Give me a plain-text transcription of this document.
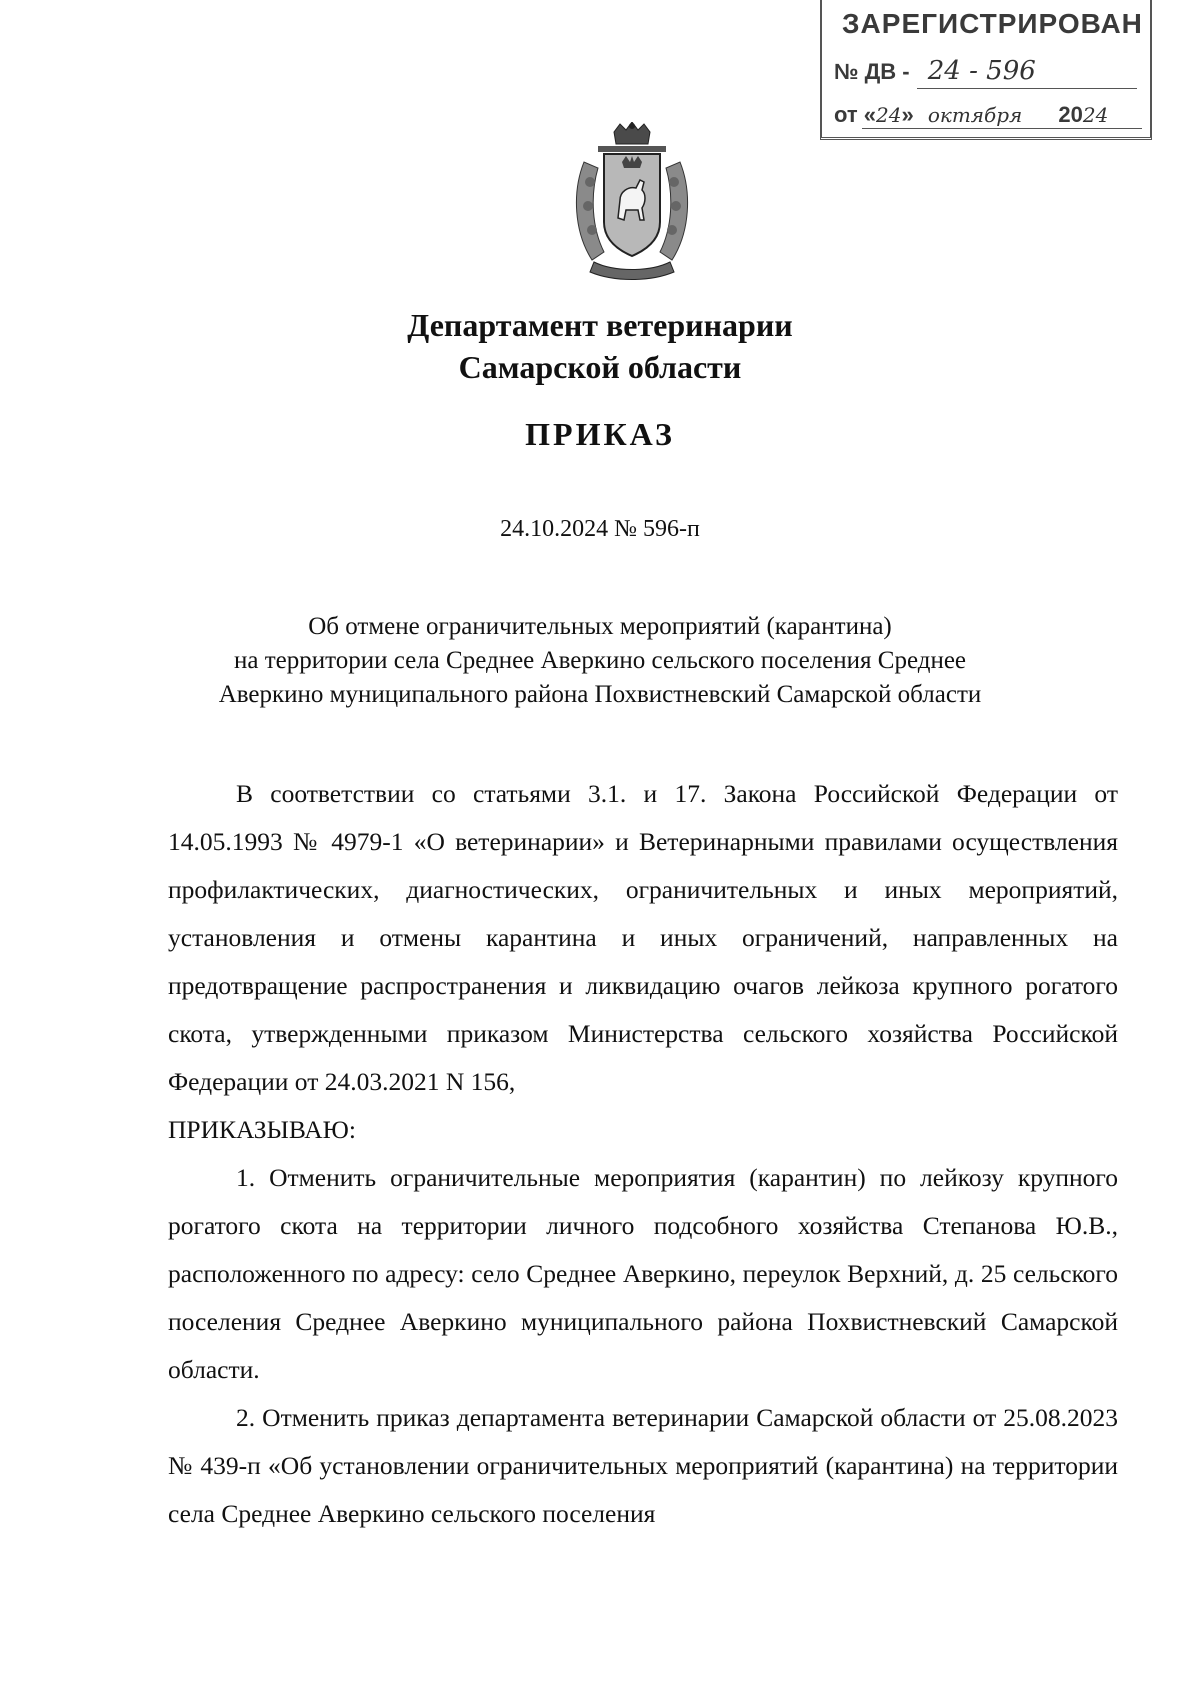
ЗАРЕГИСТРИРОВАН
№ ДВ - 24 - 596
от «24» октября 2024
Департамент ветеринарии
Самарской области
ПРИКАЗ
24.10.2024 № 596-п
Об отмене ограничительных мероприятий (карантина)
на территории села Среднее Аверкино сельского поселения Среднее
Аверкино муниципального района Похвистневский Самарской области

В соответствии со статьями 3.1. и 17. Закона Российской Федерации от 14.05.1993 № 4979-1 «О ветеринарии» и Ветеринарными правилами осуществления профилактических, диагностических, ограничительных и иных мероприятий, установления и отмены карантина и иных ограничений, направленных на предотвращение распространения и ликвидацию очагов лейкоза крупного рогатого скота, утвержденными приказом Министерства сельского хозяйства Российской Федерации от 24.03.2021 N 156,

ПРИКАЗЫВАЮ:

1. Отменить ограничительные мероприятия (карантин) по лейкозу крупного рогатого скота на территории личного подсобного хозяйства Степанова Ю.В., расположенного по адресу: село Среднее Аверкино, переулок Верхний, д. 25 сельского поселения Среднее Аверкино муниципального района Похвистневский Самарской области.

2. Отменить приказ департамента ветеринарии Самарской области от 25.08.2023 № 439-п «Об установлении ограничительных мероприятий (карантина) на территории села Среднее Аверкино сельского поселения
